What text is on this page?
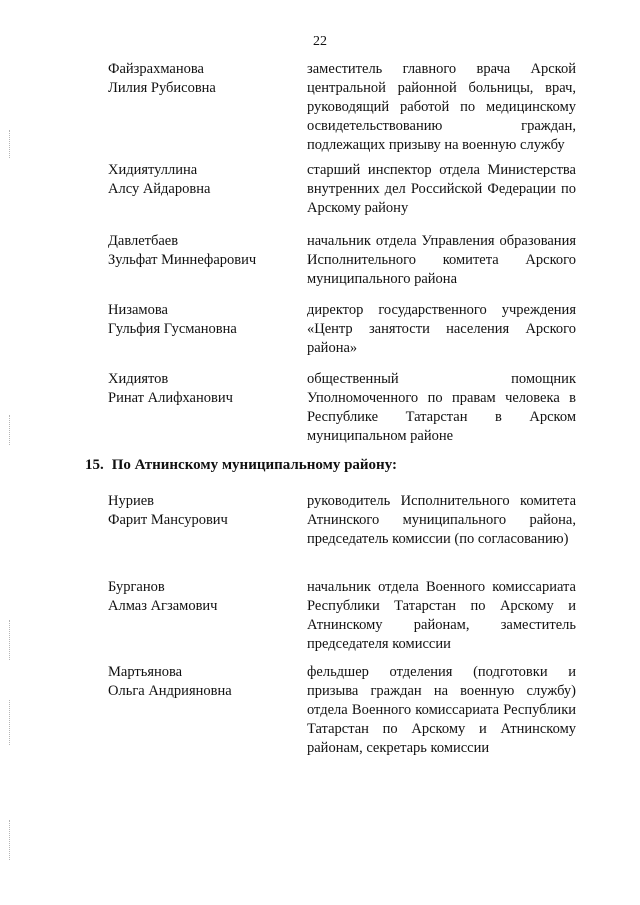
22
Файзрахманова
Лилия Рубисовна
заместитель главного врача Арской центральной районной больницы, врач, руководящий работой по медицинскому освидетельствованию граждан, подлежащих призыву на военную службу
Хидиятуллина
Алсу Айдаровна
старший инспектор отдела Министерства внутренних дел Российской Федерации по Арскому району
Давлетбаев
Зульфат Миннефарович
начальник отдела Управления образования Исполнительного комитета Арского муниципального района
Низамова
Гульфия Гусмановна
директор государственного учреждения «Центр занятости населения Арского района»
Хидиятов
Ринат Алифханович
общественный помощник Уполномоченного по правам человека в Республике Татарстан в Арском муниципальном районе
15. По Атнинскому муниципальному району:
Нуриев
Фарит Мансурович
руководитель Исполнительного комитета Атнинского муниципального района, председатель комиссии (по согласованию)
Бурганов
Алмаз Агзамович
начальник отдела Военного комиссариата Республики Татарстан по Арскому и Атнинскому районам, заместитель председателя комиссии
Мартьянова
Ольга Андрияновна
фельдшер отделения (подготовки и призыва граждан на военную службу) отдела Военного комиссариата Республики Татарстан по Арскому и Атнинскому районам, секретарь комиссии
